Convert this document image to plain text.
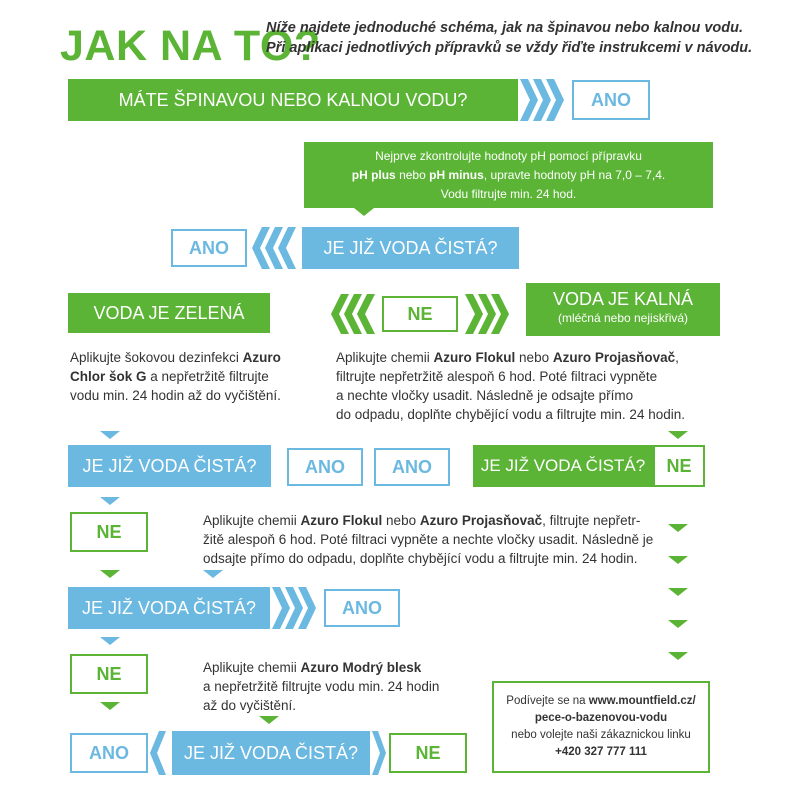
JAK NA TO?
Níže najdete jednoduché schéma, jak na špinavou nebo kalnou vodu.
Při aplikaci jednotlivých přípravků se vždy řiďte instrukcemi v návodu.
MÁTE ŠPINAVOU NEBO KALNOU VODU?	ANO
Nejprve zkontrolujte hodnoty pH pomocí přípravku
pH plus nebo pH minus, upravte hodnoty pH na 7,0 – 7,4.
Vodu filtrujte min. 24 hod.
ANO	JE JIŽ VODA ČISTÁ?
VODA JE ZELENÁ	NE
VODA JE KALNÁ
(mléčná nebo nejiskřivá)
Aplikujte šokovou dezinfekci Azuro
Chlor šok G a nepřetržitě filtrujte
vodu min. 24 hodin až do vyčištění.
Aplikujte chemii Azuro Flokul nebo Azuro Projasňovač,
filtrujte nepřetržitě alespoň 6 hod. Poté filtraci vypněte
a nechte vločky usadit. Následně je odsajte přímo
do odpadu, doplňte chybějící vodu a filtrujte min. 24 hodin.
JE JIŽ VODA ČISTÁ?	ANO	ANO	JE JIŽ VODA ČISTÁ?	NE
NE
Aplikujte chemii Azuro Flokul nebo Azuro Projasňovač, filtrujte nepřetr-
žitě alespoň 6 hod. Poté filtraci vypněte a nechte vločky usadit. Následně je
odsajte přímo do odpadu, doplňte chybějící vodu a filtrujte min. 24 hodin.
JE JIŽ VODA ČISTÁ?	ANO
NE	Aplikujte chemii Azuro Modrý blesk
a nepřetržitě filtrujte vodu min. 24 hodin
až do vyčištění.	Podívejte se na www.mountfield.cz/
pece-o-bazenovou-vodu
nebo volejte naši zákaznickou linku
+420 327 777 111
ANO	JE JIŽ VODA ČISTÁ?	NE
